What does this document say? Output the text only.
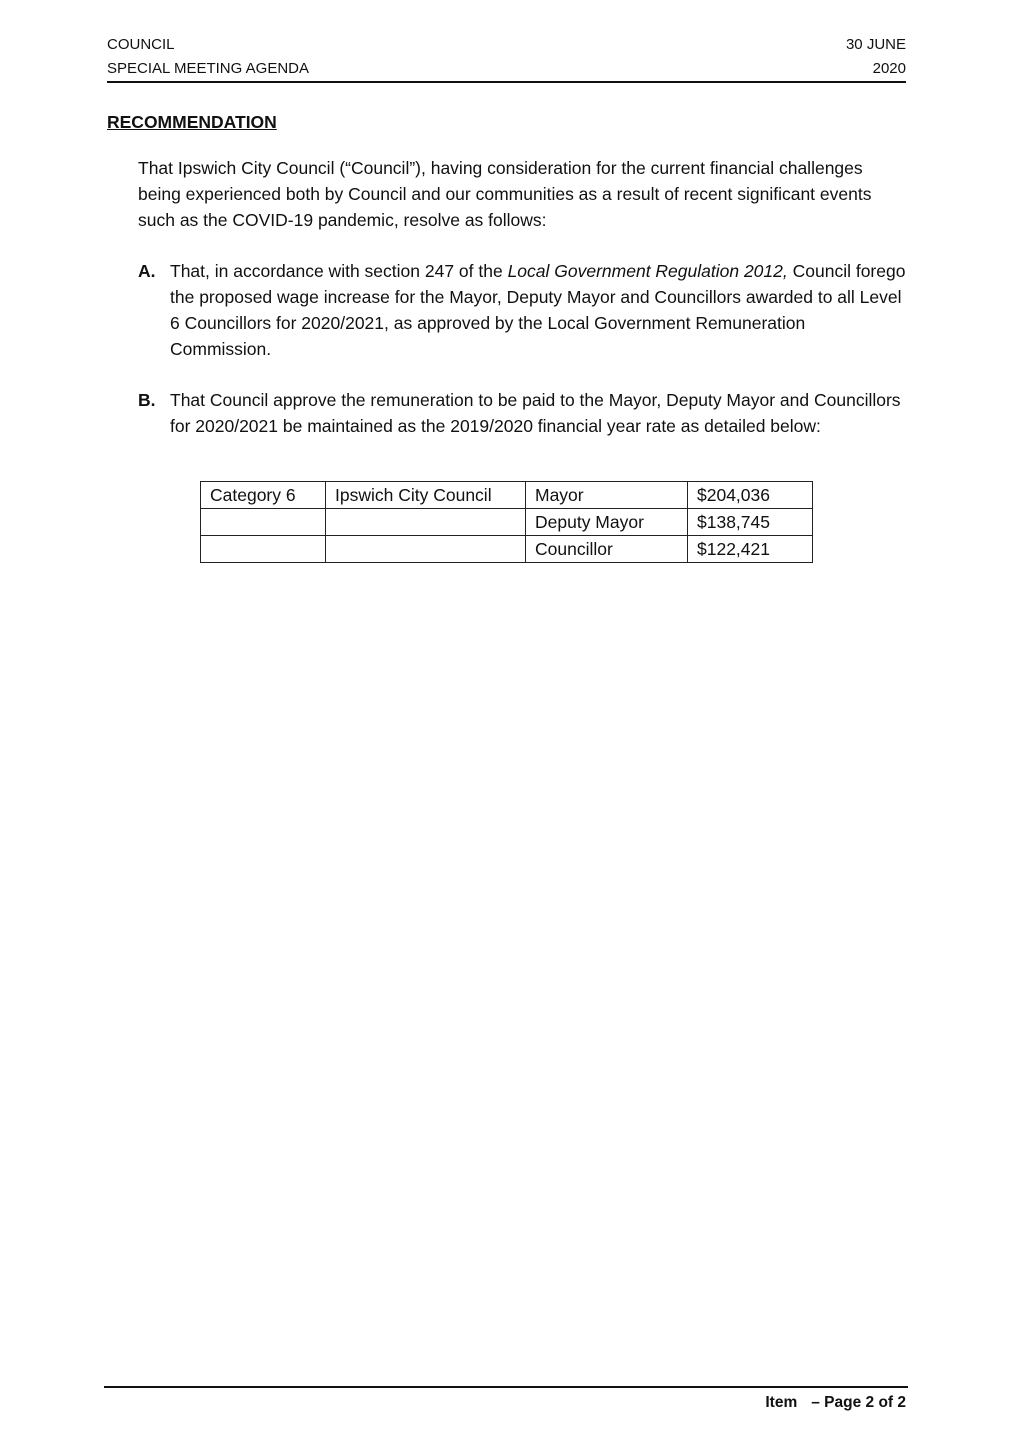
COUNCIL
SPECIAL MEETING AGENDA
30 JUNE
2020
RECOMMENDATION
That Ipswich City Council (“Council”), having consideration for the current financial challenges being experienced both by Council and our communities as a result of recent significant events such as the COVID-19 pandemic, resolve as follows:
A. That, in accordance with section 247 of the Local Government Regulation 2012, Council forego the proposed wage increase for the Mayor, Deputy Mayor and Councillors awarded to all Level 6 Councillors for 2020/2021, as approved by the Local Government Remuneration Commission.
B. That Council approve the remuneration to be paid to the Mayor, Deputy Mayor and Councillors for 2020/2021 be maintained as the 2019/2020 financial year rate as detailed below:
Category 6	Ipswich City Council	Mayor	$204,036
		Deputy Mayor	$138,745
		Councillor	$122,421
Item – Page 2 of 2
